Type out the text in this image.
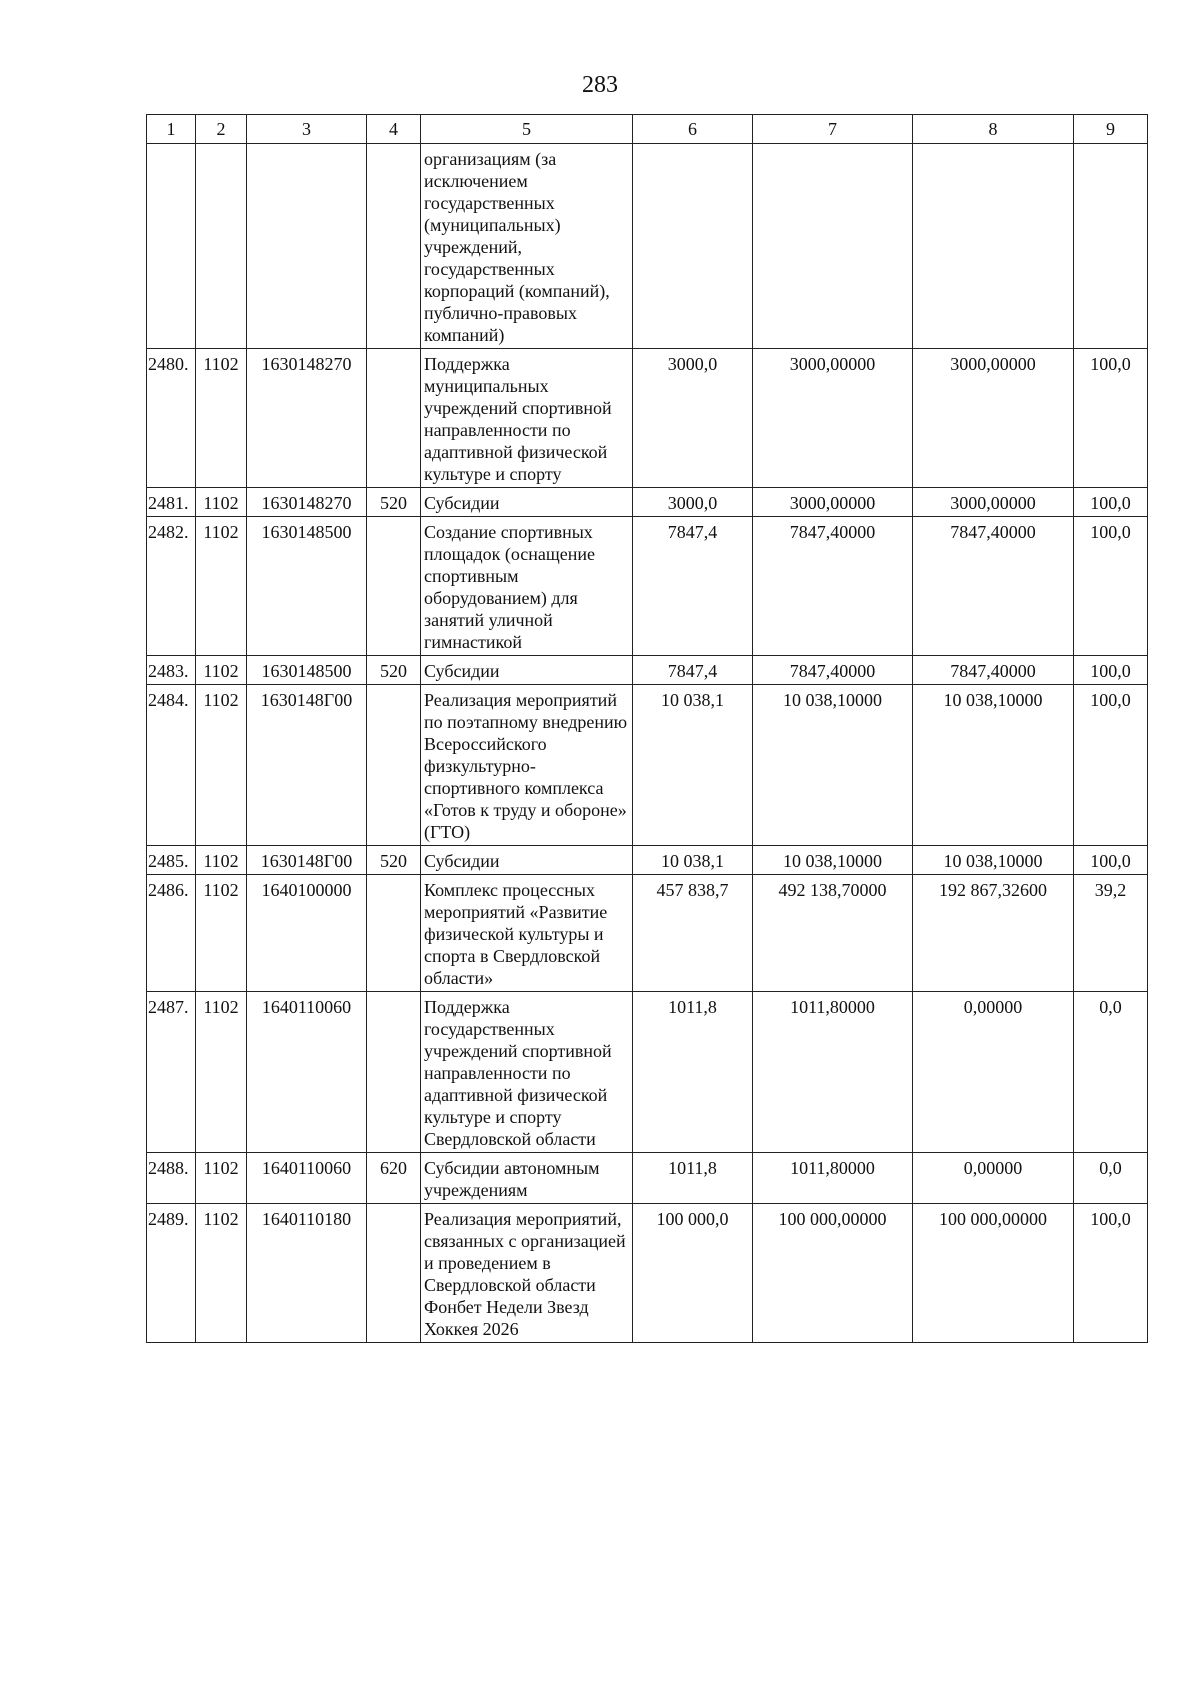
283
1	2	3	4	5	6	7	8	9
				организациям (за исключением государственных (муниципальных) учреждений, государственных корпораций (компаний), публично-правовых компаний)				
2480.	1102	1630148270		Поддержка муниципальных учреждений спортивной направленности по адаптивной физической культуре и спорту	3000,0	3000,00000	3000,00000	100,0
2481.	1102	1630148270	520	Субсидии	3000,0	3000,00000	3000,00000	100,0
2482.	1102	1630148500		Создание спортивных площадок (оснащение спортивным оборудованием) для занятий уличной гимнастикой	7847,4	7847,40000	7847,40000	100,0
2483.	1102	1630148500	520	Субсидии	7847,4	7847,40000	7847,40000	100,0
2484.	1102	1630148Г00		Реализация мероприятий по поэтапному внедрению Всероссийского физкультурно-спортивного комплекса «Готов к труду и обороне» (ГТО)	10 038,1	10 038,10000	10 038,10000	100,0
2485.	1102	1630148Г00	520	Субсидии	10 038,1	10 038,10000	10 038,10000	100,0
2486.	1102	1640100000		Комплекс процессных мероприятий «Развитие физической культуры и спорта в Свердловской области»	457 838,7	492 138,70000	192 867,32600	39,2
2487.	1102	1640110060		Поддержка государственных учреждений спортивной направленности по адаптивной физической культуре и спорту Свердловской области	1011,8	1011,80000	0,00000	0,0
2488.	1102	1640110060	620	Субсидии автономным учреждениям	1011,8	1011,80000	0,00000	0,0
2489.	1102	1640110180		Реализация мероприятий, связанных с организацией и проведением в Свердловской области Фонбет Недели Звезд Хоккея 2026	100 000,0	100 000,00000	100 000,00000	100,0
